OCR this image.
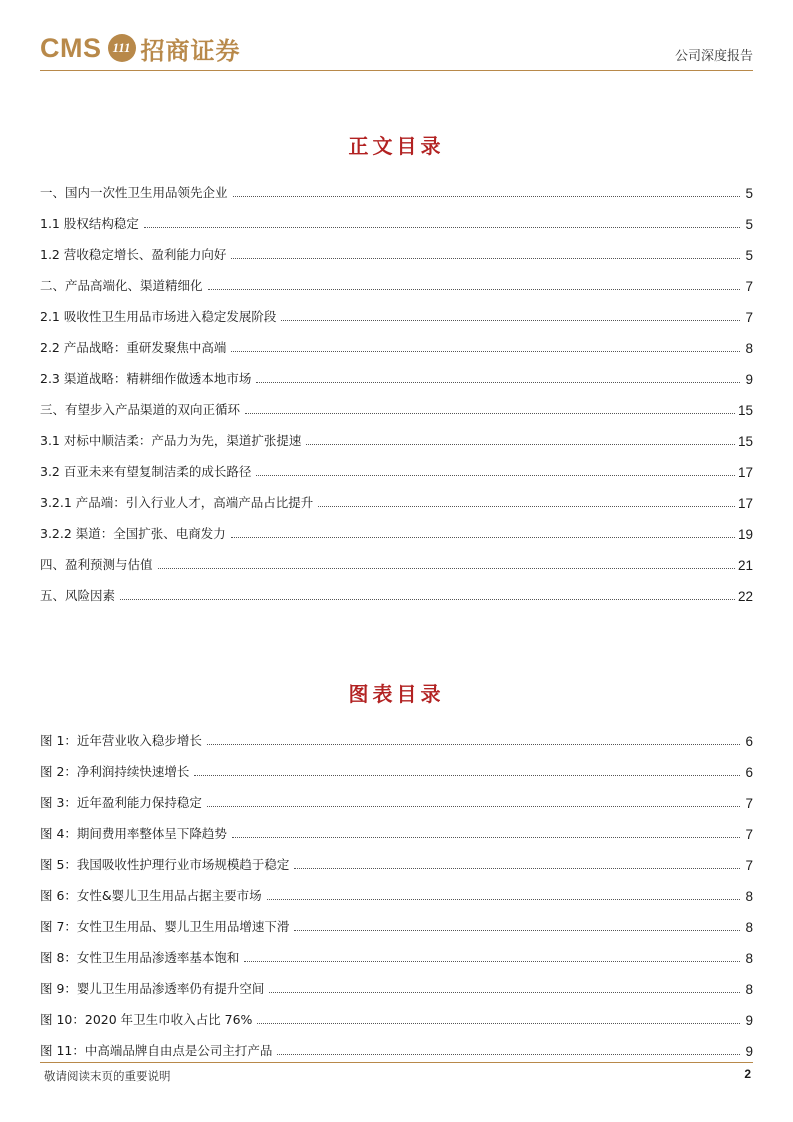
CMS 111 招商证券	公司深度报告
正文目录
一、国内一次性卫生用品领先企业	5
1.1 股权结构稳定	5
1.2 营收稳定增长、盈利能力向好	5
二、产品高端化、渠道精细化	7
2.1 吸收性卫生用品市场进入稳定发展阶段	7
2.2 产品战略：重研发聚焦中高端	8
2.3 渠道战略：精耕细作做透本地市场	9
三、有望步入产品渠道的双向正循环	15
3.1 对标中顺洁柔：产品力为先，渠道扩张提速	15
3.2 百亚未来有望复制洁柔的成长路径	17
3.2.1 产品端：引入行业人才，高端产品占比提升	17
3.2.2 渠道：全国扩张、电商发力	19
四、盈利预测与估值	21
五、风险因素	22
图表目录
图 1：近年营业收入稳步增长	6
图 2：净利润持续快速增长	6
图 3：近年盈利能力保持稳定	7
图 4：期间费用率整体呈下降趋势	7
图 5：我国吸收性护理行业市场规模趋于稳定	7
图 6：女性&婴儿卫生用品占据主要市场	8
图 7：女性卫生用品、婴儿卫生用品增速下滑	8
图 8：女性卫生用品渗透率基本饱和	8
图 9：婴儿卫生用品渗透率仍有提升空间	8
图 10：2020 年卫生巾收入占比 76%	9
图 11：中高端品牌自由点是公司主打产品	9
敬请阅读末页的重要说明	2
